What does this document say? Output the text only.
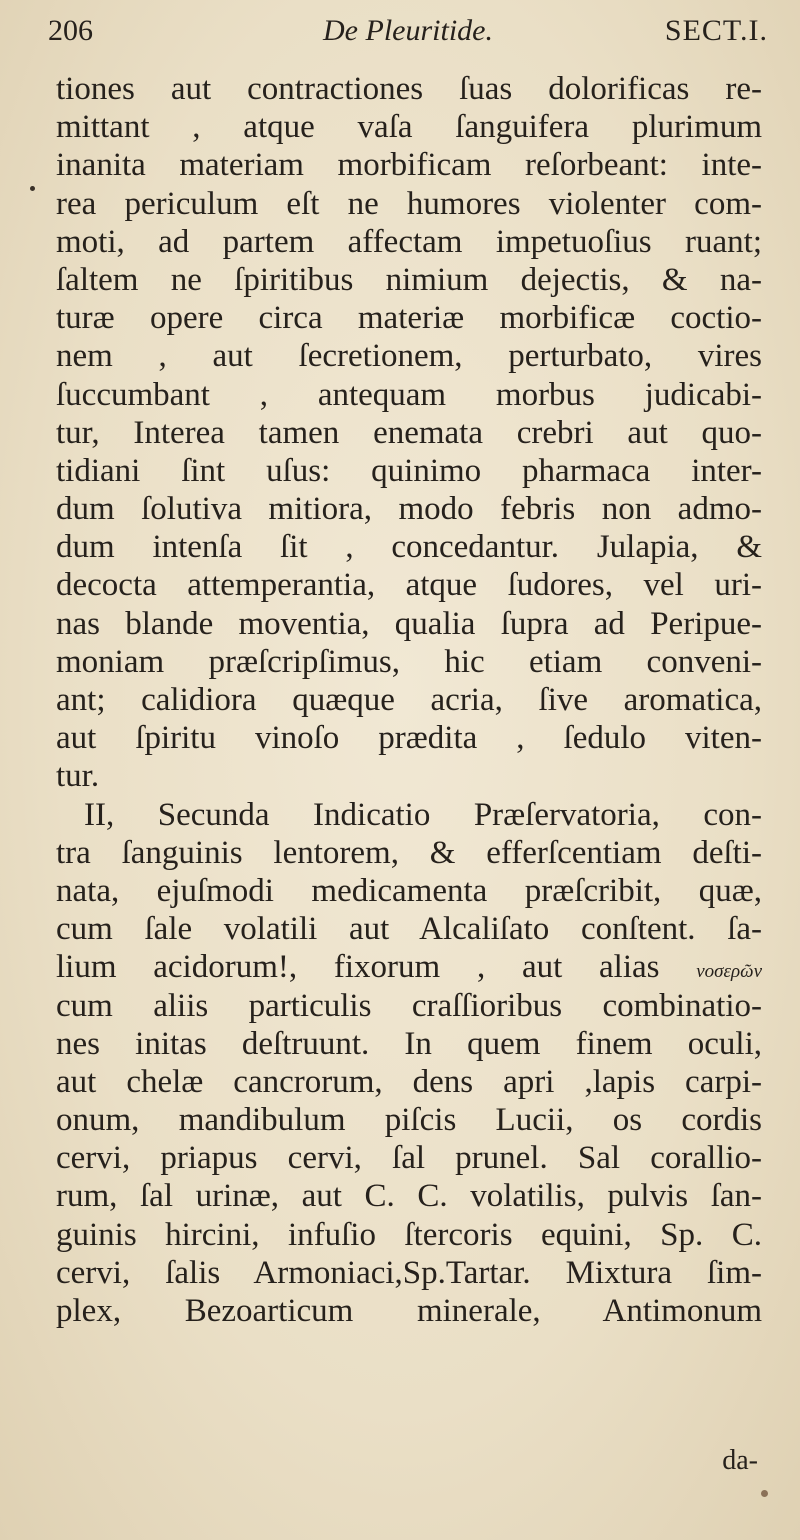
206	De Pleuritide.	SECT.I.
tiones aut contractiones ſuas dolorificas re-
mittant , atque vaſa ſanguifera plurimum
inanita materiam morbificam reſorbeant: inte-
rea periculum eſt ne humores violenter com-
moti, ad partem affectam impetuoſius ruant;
ſaltem ne ſpiritibus nimium dejectis, & na-
turæ opere circa materiæ morbificæ coctio-
nem , aut ſecretionem, perturbato, vires
ſuccumbant , antequam morbus judicabi-
tur, Interea tamen enemata crebri aut quo-
tidiani ſint uſus: quinimo pharmaca inter-
dum ſolutiva mitiora, modo febris non admo-
dum intenſa ſit , concedantur. Julapia, &
decocta attemperantia, atque ſudores, vel uri-
nas blande moventia, qualia ſupra ad Peripue-
moniam præſcripſimus, hic etiam conveni-
ant; calidiora quæque acria, ſive aromatica,
aut ſpiritu vinoſo prædita , ſedulo viten-
tur.
II, Secunda Indicatio Præſervatoria, con-
tra ſanguinis lentorem, & efferſcentiam deſti-
nata, ejuſmodi medicamenta præſcribit, quæ,
cum ſale volatili aut Alcaliſato conſtent. ſa-
lium acidorum!, fixorum , aut alias νοσερῶν
cum aliis particulis craſſioribus combinatio-
nes initas deſtruunt. In quem finem oculi,
aut chelæ cancrorum, dens apri ,lapis carpi-
onum, mandibulum piſcis Lucii, os cordis
cervi, priapus cervi, ſal prunel. Sal corallio-
rum, ſal urinæ, aut C. C. volatilis, pulvis ſan-
guinis hircini, infuſio ſtercoris equini, Sp. C.
cervi, ſalis Armoniaci,Sp.Tartar. Mixtura ſim-
plex, Bezoarticum minerale, Antimonum
da-
